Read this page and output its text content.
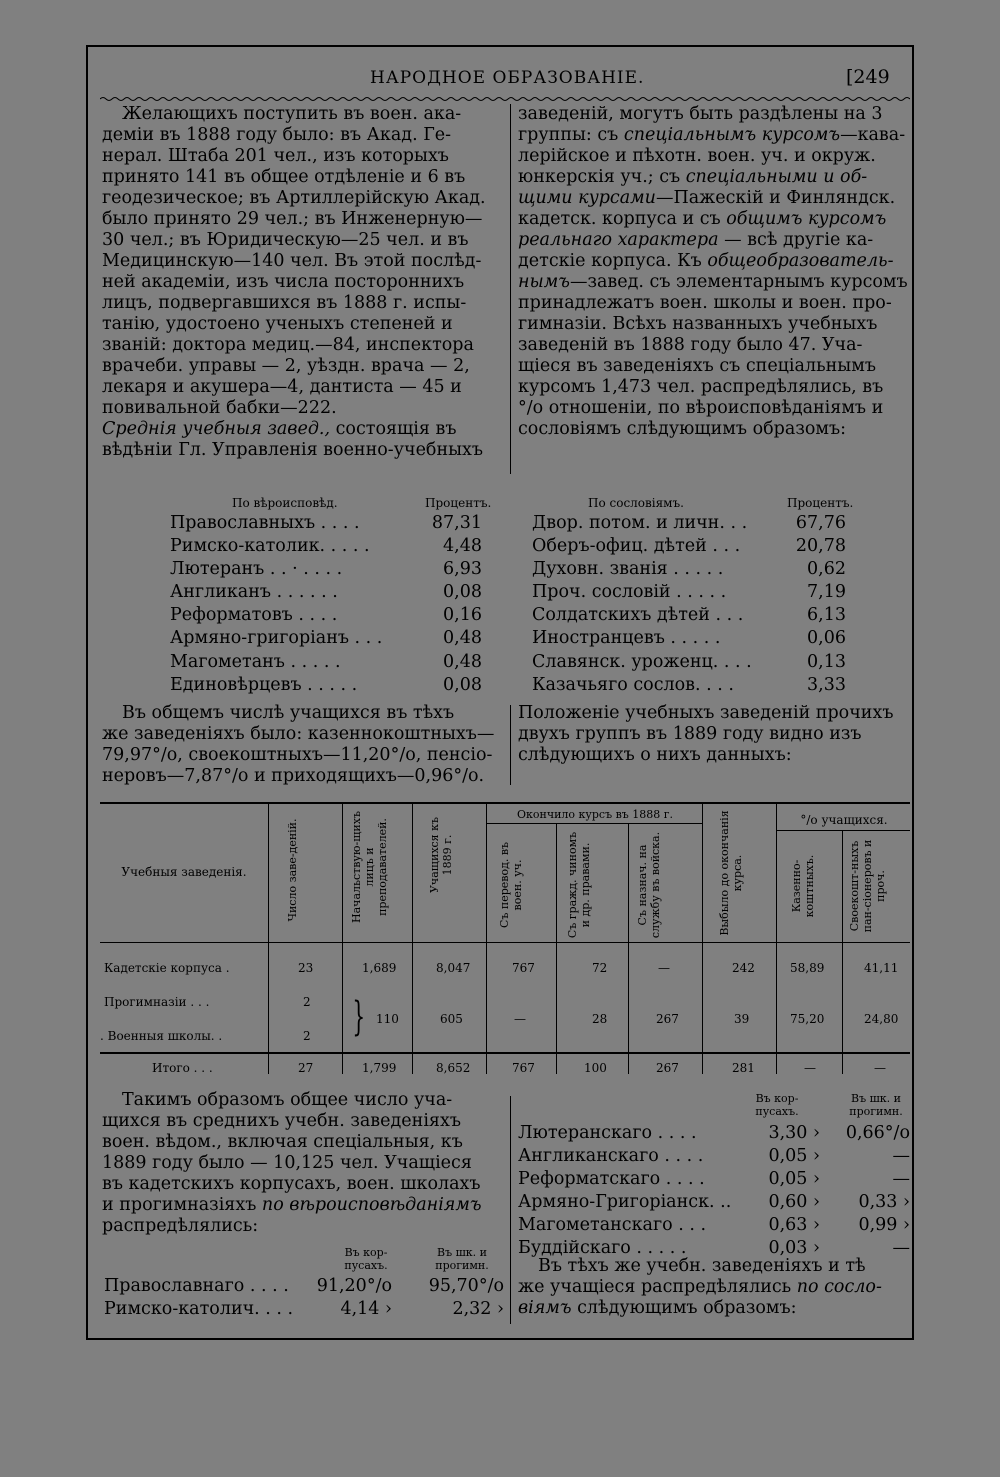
НАРОДНОЕ ОБРАЗОВАНІЕ.	[249

Желающихъ поступить въ воен. ака-

деміи въ 1888 году было: въ Акад. Ге-

нерал. Штаба 201 чел., изъ которыхъ

принято 141 въ общее отдѣленіе и 6 въ

геодезическое; въ Артиллерійскую Акад.

было принято 29 чел.; въ Инженерную—

30 чел.; въ Юридическую—25 чел. и въ

Медицинскую—140 чел. Въ этой послѣд-

ней академіи, изъ числа постороннихъ

лицъ, подвергавшихся въ 1888 г. испы-

танію, удостоено ученыхъ степеней и

званій: доктора медиц.—84, инспектора

врачеби. управы — 2, уѣздн. врача — 2,

лекаря и акушера—4, дантиста — 45 и

повивальной бабки—222.

Среднія учебныя завед., состоящія въ

вѣдѣніи Гл. Управленія военно-учебныхъ

заведеній, могутъ быть раздѣлены на 3

группы: съ спеціальнымъ курсомъ—кава-

лерійское и пѣхотн. воен. уч. и окруж.

юнкерскія уч.; съ спеціальными и об-

щими курсами—Пажескій и Финляндск.

кадетск. корпуса и съ общимъ курсомъ

реальнаго характера — всѣ другіе ка-

детскіе корпуса. Къ общеобразователь-

нымъ—завед. съ элементарнымъ курсомъ

принадлежатъ воен. школы и воен. про-

гимназіи. Всѣхъ названныхъ учебныхъ

заведеній въ 1888 году было 47. Уча-

щіеся въ заведеніяхъ съ спеціальнымъ

курсомъ 1,473 чел. распредѣлялись, въ

°/о отношеніи, по вѣроисповѣданіямъ и

сословіямъ слѣдующимъ образомъ:

По вѣроисповѣд.	Процентъ.	По сословіямъ.	Процентъ.
Православныхъ . . . .	87,31
Римско-католик. . . . .	4,48
Лютеранъ . . · . . . .	6,93
Англиканъ . . . . . .	0,08
Реформатовъ . . . .	0,16
Армяно-григоріанъ . . .	0,48
Магометанъ . . . . .	0,48
Единовѣрцевъ . . . . .	0,08
Двор. потом. и личн. . .	67,76
Оберъ-офиц. дѣтей . . .	20,78
Духовн. званія . . . . .	0,62
Проч. сословій . . . . .	7,19
Солдатскихъ дѣтей . . .	6,13
Иностранцевъ . . . . .	0,06
Славянск. уроженц. . . .	0,13
Казачьяго сослов. . . .	3,33

Въ общемъ числѣ учащихся въ тѣхъ

же заведеніяхъ было: казеннокоштныхъ—

79,97°/о, своекоштныхъ—11,20°/о, пенсіо-

неровъ—7,87°/о и приходящихъ—0,96°/о.

Положеніе учебныхъ заведеній прочихъ

двухъ группъ въ 1889 году видно изъ

слѣдующихъ о нихъ данныхъ:

Учебныя заведенія.	Число заве-деній.	Начальствую-щихъ лицъ и преподавателей.	Учащихся къ 1889 г.
Окончило курсъ въ 1888 г.
Съ перевод. въ воен. уч.	Съ гражд. чиномъ и др. правами.	Съ назнач. на службу въ войска.	Выбыло до окончанія курса.
°/о учащихся.
Казенно-коштныхъ.	Своекошт-ныхъ пан-сіонеровъ и проч.
Кадетскіе корпуса .	23	1,689	8,047	767	72	—	242	58,89	41,11
Прогимназіи . . .	2
. Военныя школы. .	2 } 110	605	—	28	267	39	75,20	24,80
Итого . . .	27	1,799	8,652	767	100	267	281	—	—

Такимъ образомъ общее число уча-

щихся въ среднихъ учебн. заведеніяхъ

воен. вѣдом., включая спеціальныя, къ

1889 году было — 10,125 чел. Учащіеся

въ кадетскихъ корпусахъ, воен. школахъ

и прогимназіяхъ по вѣроисповѣданіямъ

распредѣлялись:

Въ кор-
пусахъ.
Въ шк. и
прогимн.
Православнаго . . . . 91,20°/о 95,70°/о
Римско-католич. . . .	4,14 ›	2,32 ›
Въ кор-
пусахъ.
Въ шк. и
прогимн.
Лютеранскаго . . . .	3,30 › 0,66°/о
Англиканскаго . . . .	0,05 ›	—
Реформатскаго . . . .	0,05 ›	—
Армяно-Григоріанск. .. 0,60 › 0,33 ›
Магометанскаго . . .	0,63 › 0,99 ›
Буддійскаго . . . . .	0,03 ›	—

Въ тѣхъ же учебн. заведеніяхъ и тѣ

же учащіеся распредѣлялись по сосло-

віямъ слѣдующимъ образомъ:
